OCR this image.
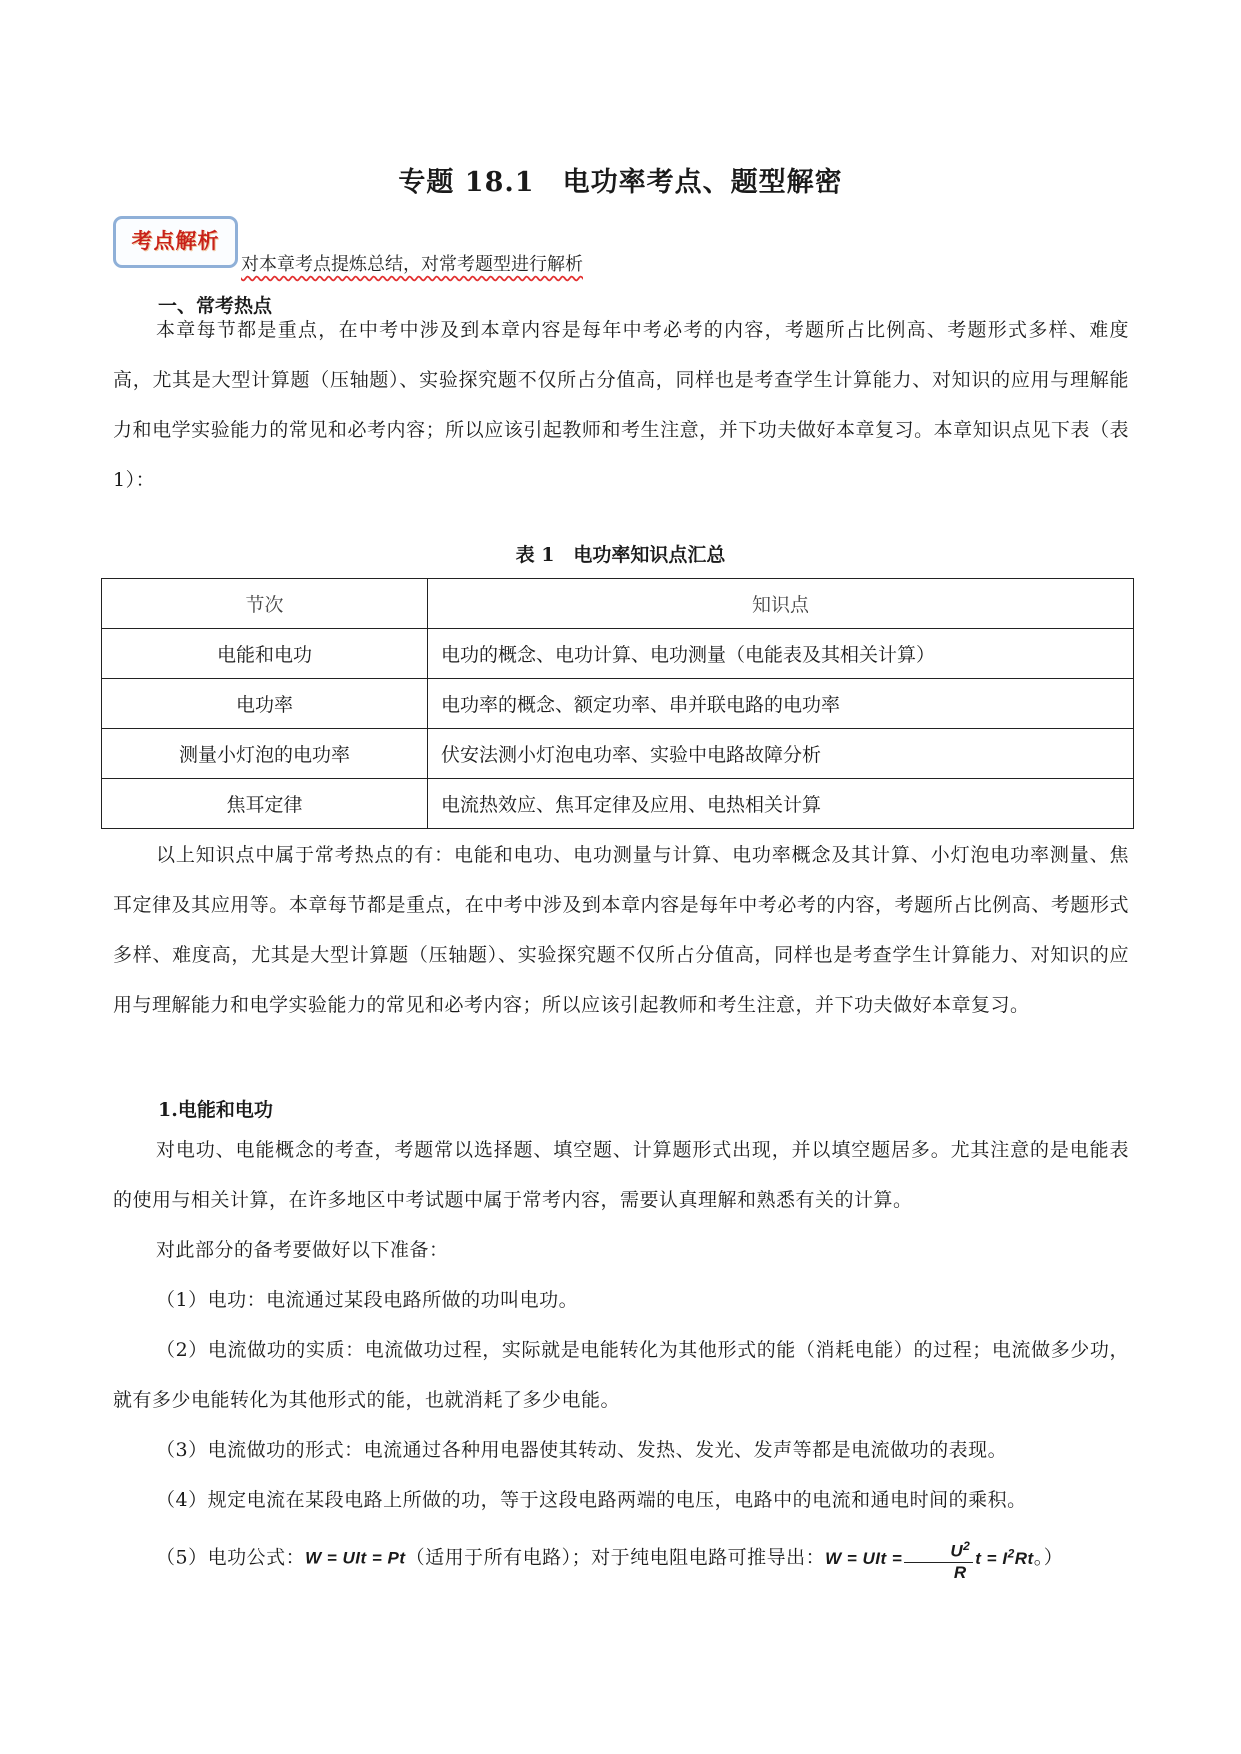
专题 18.1　电功率考点、题型解密
考点解析
对本章考点提炼总结，对常考题型进行解析
一、常考热点
本章每节都是重点，在中考中涉及到本章内容是每年中考必考的内容，考题所占比例高、考题形式多样、难度高，尤其是大型计算题（压轴题）、实验探究题不仅所占分值高，同样也是考查学生计算能力、对知识的应用与理解能力和电学实验能力的常见和必考内容；所以应该引起教师和考生注意，并下功夫做好本章复习。本章知识点见下表（表 1）：
表 1　电功率知识点汇总
节次	知识点
电能和电功	电功的概念、电功计算、电功测量（电能表及其相关计算）
电功率	电功率的概念、额定功率、串并联电路的电功率
测量小灯泡的电功率	伏安法测小灯泡电功率、实验中电路故障分析
焦耳定律	电流热效应、焦耳定律及应用、电热相关计算
以上知识点中属于常考热点的有：电能和电功、电功测量与计算、电功率概念及其计算、小灯泡电功率测量、焦耳定律及其应用等。本章每节都是重点，在中考中涉及到本章内容是每年中考必考的内容，考题所占比例高、考题形式多样、难度高，尤其是大型计算题（压轴题）、实验探究题不仅所占分值高，同样也是考查学生计算能力、对知识的应用与理解能力和电学实验能力的常见和必考内容；所以应该引起教师和考生注意，并下功夫做好本章复习。
1.电能和电功
对电功、电能概念的考查，考题常以选择题、填空题、计算题形式出现，并以填空题居多。尤其注意的是电能表的使用与相关计算，在许多地区中考试题中属于常考内容，需要认真理解和熟悉有关的计算。
对此部分的备考要做好以下准备：
（1）电功：电流通过某段电路所做的功叫电功。
（2）电流做功的实质：电流做功过程，实际就是电能转化为其他形式的能（消耗电能）的过程；电流做多少功，就有多少电能转化为其他形式的能，也就消耗了多少电能。
（3）电流做功的形式：电流通过各种用电器使其转动、发热、发光、发声等都是电流做功的表现。
（4）规定电流在某段电路上所做的功，等于这段电路两端的电压，电路中的电流和通电时间的乘积。
（5）电功公式：W = UIt = Pt（适用于所有电路）；对于纯电阻电路可推导出：W = UIt = $\frac{U^2}{R}$ $t = I^2Rt$。）
